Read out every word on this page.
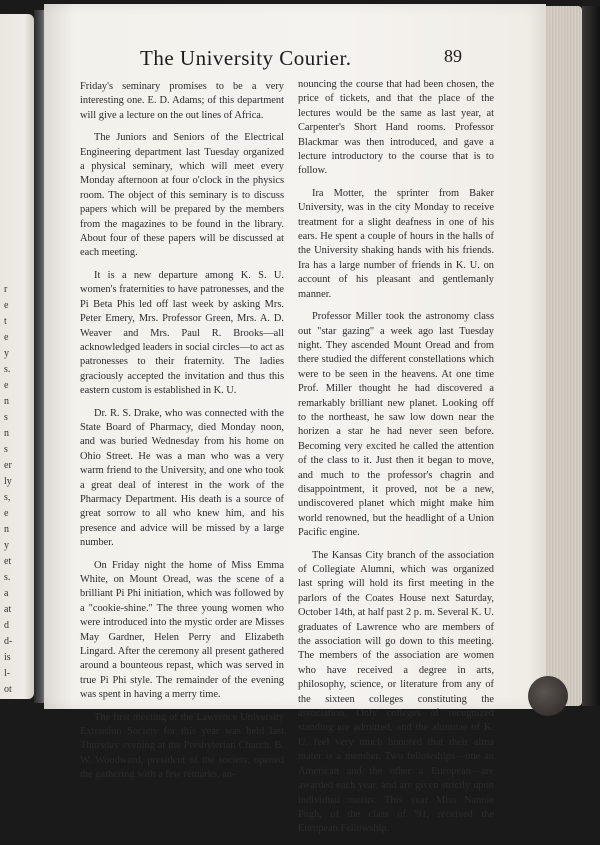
r
e
t
e
y
s.
e
n
s
n
s
er
ly
s,
e
n
y
et
s.
a
at
d
d-
is
l-
ot
The University Courier.	89

Friday's seminary promises to be a very interesting one. E. D. Adams; of this department will give a lecture on the out lines of Africa.

The Juniors and Seniors of the Electrical Engineering department last Tuesday organized a physical seminary, which will meet every Monday afternoon at four o'clock in the physics room. The object of this seminary is to discuss papers which will be prepared by the members from the magazines to be found in the library. About four of these papers will be discussed at each meeting.

It is a new departure among K. S. U. women's fraternities to have patronesses, and the Pi Beta Phis led off last week by asking Mrs. Peter Emery, Mrs. Professor Green, Mrs. A. D. Weaver and Mrs. Paul R. Brooks—all acknowledged leaders in social circles—to act as patronesses to their fraternity. The ladies graciously accepted the invitation and thus this eastern custom is established in K. U.

Dr. R. S. Drake, who was connected with the State Board of Pharmacy, died Monday noon, and was buried Wednesday from his home on Ohio Street. He was a man who was a very warm friend to the University, and one who took a great deal of interest in the work of the Pharmacy Department. His death is a source of great sorrow to all who knew him, and his presence and advice will be missed by a large number.

On Friday night the home of Miss Emma White, on Mount Oread, was the scene of a brilliant Pi Phi initiation, which was followed by a "cookie-shine." The three young women who were introduced into the mystic order are Misses May Gardner, Helen Perry and Elizabeth Lingard. After the ceremony all present gathered around a bounteous repast, which was served in true Pi Phi style. The remainder of the evening was spent in having a merry time.

The first meeting of the Lawrence University Extension Society for this year was held last Thursday evening at the Presbyterian Church. B. W. Woodward, president of the society, opened the gathering with a few remarks, an-

nouncing the course that had been chosen, the price of tickets, and that the place of the lectures would be the same as last year, at Carpenter's Short Hand rooms. Professor Blackmar was then introduced, and gave a lecture introductory to the course that is to follow.

Ira Motter, the sprinter from Baker University, was in the city Monday to receive treatment for a slight deafness in one of his ears. He spent a couple of hours in the halls of the University shaking hands with his friends. Ira has a large number of friends in K. U. on account of his pleasant and gentlemanly manner.

Professor Miller took the astronomy class out "star gazing" a week ago last Tuesday night. They ascended Mount Oread and from there studied the different constellations which were to be seen in the heavens. At one time Prof. Miller thought he had discovered a remarkably brilliant new planet. Looking off to the northeast, he saw low down near the horizen a star he had never seen before. Becoming very excited he called the attention of the class to it. Just then it began to move, and much to the professor's chagrin and disappointment, it proved, not be a new, undiscovered planet which might make him world renowned, but the headlight of a Union Pacific engine.

The Kansas City branch of the association of Collegiate Alumni, which was organized last spring will hold its first meeting in the parlors of the Coates House next Saturday, October 14th, at half past 2 p. m. Several K. U. graduates of Lawrence who are members of the association will go down to this meeting. The members of the association are women who have received a degree in arts, philosophy, science, or literature from any of the sixteen colleges constituting the association. Only colleges of recognized standing are admitted, and the alumnae of K. U. feel very much honored that their alma mater is a member. Two fellowships—one an American and the other a European—are awarded each year, and are given strictly upon individual merits. This year Miss Nannie Pugh, of the class of '91, received the European Fellowship.
